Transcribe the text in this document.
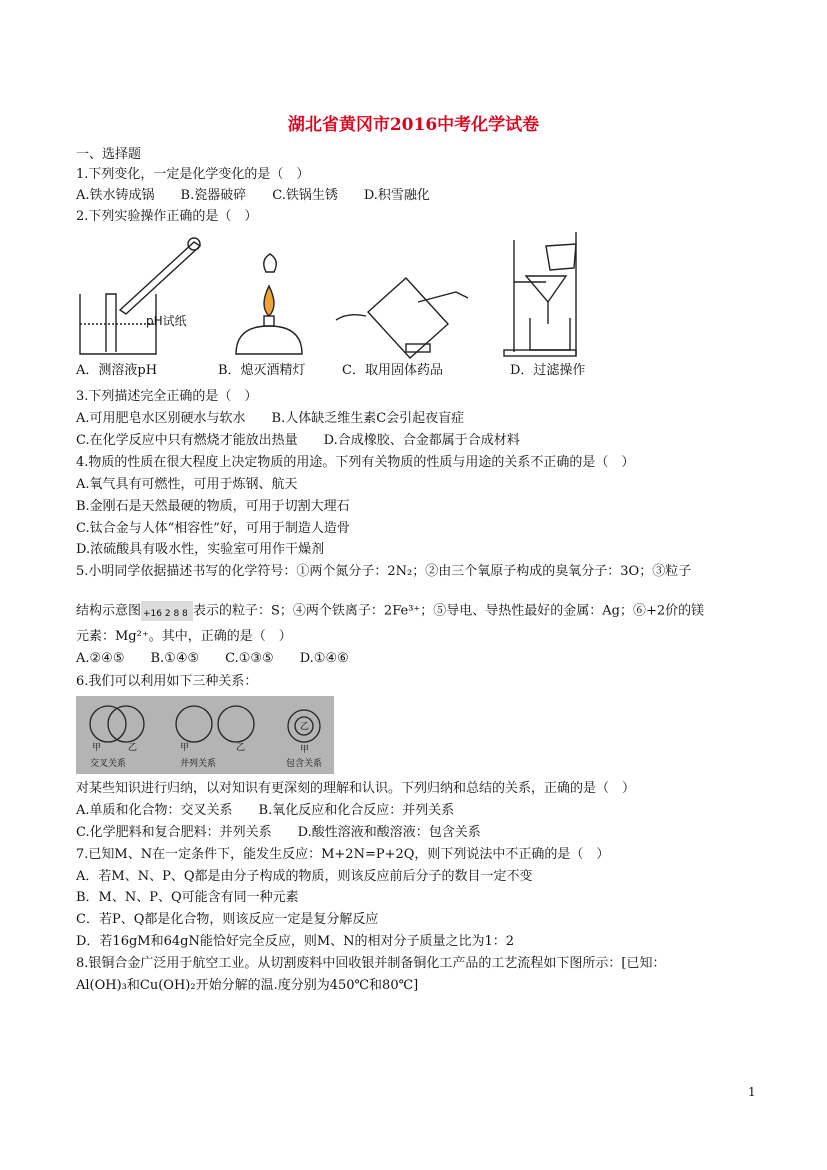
湖北省黄冈市2016中考化学试卷
一、选择题
1.下列变化，一定是化学变化的是（　）
A.铁水铸成锅　　B.瓷器破碎　　C.铁锅生锈　　D.积雪融化
2.下列实验操作正确的是（　）
pH试纸
A．测溶液pH	B．熄灭酒精灯	C．取用固体药品	D．过滤操作
3.下列描述完全正确的是（　）
A.可用肥皂水区别硬水与软水　　B.人体缺乏维生素C会引起夜盲症
C.在化学反应中只有燃烧才能放出热量　　D.合成橡胶、合金都属于合成材料
4.物质的性质在很大程度上决定物质的用途。下列有关物质的性质与用途的关系不正确的是（　）
A.氧气具有可燃性，可用于炼钢、航天
B.金刚石是天然最硬的物质，可用于切割大理石
C.钛合金与人体“相容性”好，可用于制造人造骨
D.浓硫酸具有吸水性，实验室可用作干燥剂
5.小明同学依据描述书写的化学符号：①两个氮分子：2N₂；②由三个氧原子构成的臭氧分子：3O；③粒子
结构示意图 +16 2 8 8 表示的粒子：S；④两个铁离子：2Fe³⁺；⑤导电、导热性最好的金属：Ag；⑥+2价的镁
元素：Mg²⁺。其中，正确的是（　）
A.②④⑤　　B.①④⑤　　C.①③⑤　　D.①④⑥
6.我们可以利用如下三种关系：
甲	乙	甲	乙
乙
甲
交叉关系	并列关系	包含关系
对某些知识进行归纳，以对知识有更深刻的理解和认识。下列归纳和总结的关系，正确的是（　）
A.单质和化合物：交叉关系　　B.氧化反应和化合反应：并列关系
C.化学肥料和复合肥料：并列关系　　D.酸性溶液和酸溶液：包含关系
7.已知M、N在一定条件下，能发生反应：M+2N=P+2Q，则下列说法中不正确的是（　）
A．若M、N、P、Q都是由分子构成的物质，则该反应前后分子的数目一定不变
B．M、N、P、Q可能含有同一种元素
C．若P、Q都是化合物，则该反应一定是复分解反应
D．若16gM和64gN能恰好完全反应，则M、N的相对分子质量之比为1：2
8.银铜合金广泛用于航空工业。从切割废料中回收银并制备铜化工产品的工艺流程如下图所示：[已知：
Al(OH)₃和Cu(OH)₂开始分解的温.度分别为450℃和80℃]
1
